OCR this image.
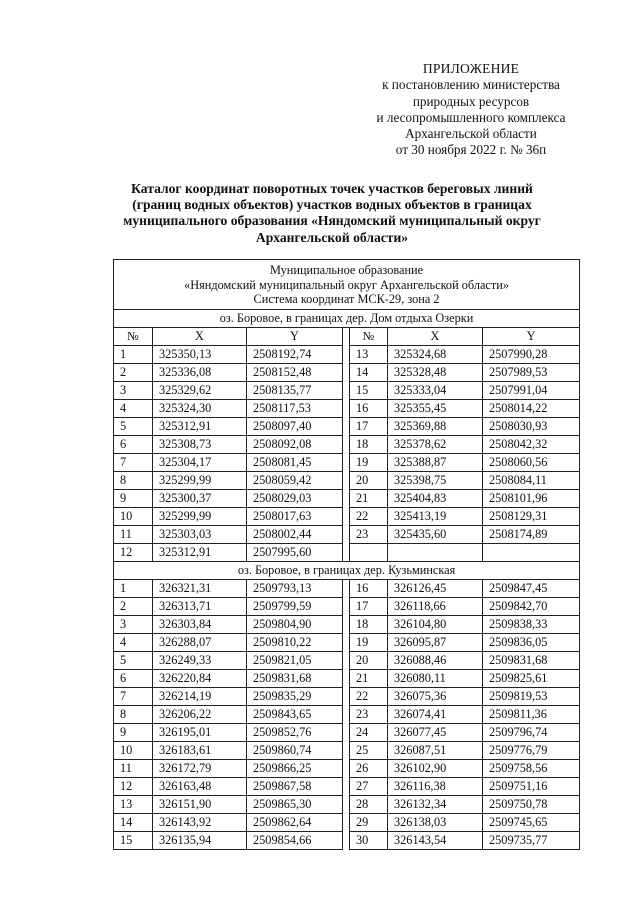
ПРИЛОЖЕНИЕ
к постановлению министерства
природных ресурсов
и лесопромышленного комплекса
Архангельской области
от 30 ноября 2022 г. № 36п
Каталог координат поворотных точек участков береговых линий
(границ водных объектов) участков водных объектов в границах
муниципального образования «Няндомский муниципальный округ
Архангельской области»
Муниципальное образование
«Няндомский муниципальный округ Архангельской области»
Система координат МСК-29, зона 2						

оз. Боровое, в границах дер. Дом отдыха Озерки						
№	X	Y		№	X	Y
1	325350,13	2508192,74		13	325324,68	2507990,28
2	325336,08	2508152,48		14	325328,48	2507989,53
3	325329,62	2508135,77		15	325333,04	2507991,04
4	325324,30	2508117,53		16	325355,45	2508014,22
5	325312,91	2508097,40		17	325369,88	2508030,93
6	325308,73	2508092,08		18	325378,62	2508042,32
7	325304,17	2508081,45		19	325388,87	2508060,56
8	325299,99	2508059,42		20	325398,75	2508084,11
9	325300,37	2508029,03		21	325404,83	2508101,96
10	325299,99	2508017,63		22	325413,19	2508129,31
11	325303,03	2508002,44		23	325435,60	2508174,89
12	325312,91	2507995,60				
оз. Боровое, в границах дер. Кузьминская						
1	326321,31	2509793,13		16	326126,45	2509847,45
2	326313,71	2509799,59		17	326118,66	2509842,70
3	326303,84	2509804,90		18	326104,80	2509838,33
4	326288,07	2509810,22		19	326095,87	2509836,05
5	326249,33	2509821,05		20	326088,46	2509831,68
6	326220,84	2509831,68		21	326080,11	2509825,61
7	326214,19	2509835,29		22	326075,36	2509819,53
8	326206,22	2509843,65		23	326074,41	2509811,36
9	326195,01	2509852,76		24	326077,45	2509796,74
10	326183,61	2509860,74		25	326087,51	2509776,79
11	326172,79	2509866,25		26	326102,90	2509758,56
12	326163,48	2509867,58		27	326116,38	2509751,16
13	326151,90	2509865,30		28	326132,34	2509750,78
14	326143,92	2509862,64		29	326138,03	2509745,65
15	326135,94	2509854,66		30	326143,54	2509735,77
